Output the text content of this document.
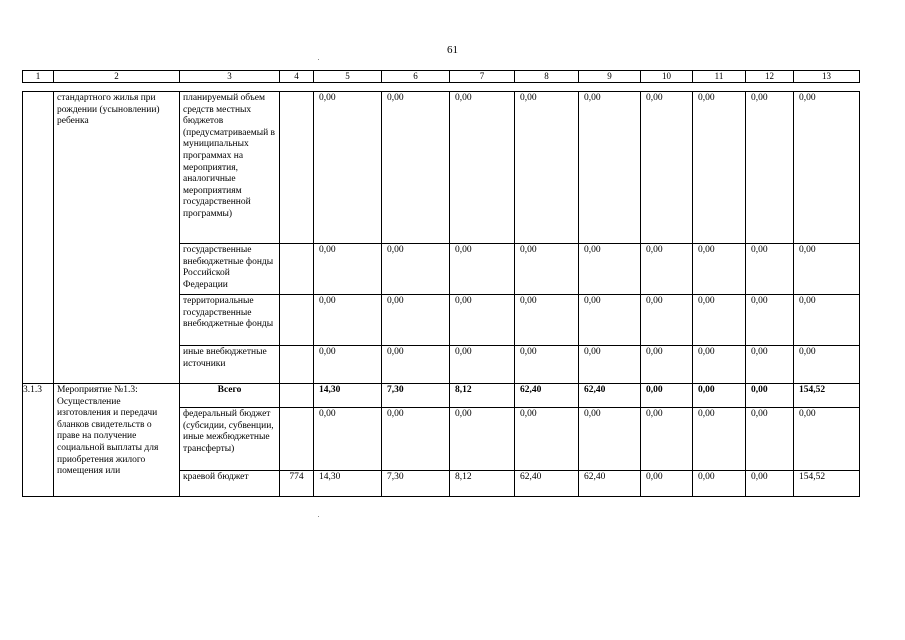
61
1	2	3	4	5	6	7	8	9	10	11	12	13
	стандартного жилья при рождении (усыновлении) ребенка	планируемый объем средств местных бюджетов (предусматриваемый в муниципальных программах на мероприятия, аналогичные мероприятиям государственной программы)		0,00	0,00	0,00	0,00	0,00	0,00	0,00	0,00	0,00
		государственные внебюджетные фонды Российской Федерации		0,00	0,00	0,00	0,00	0,00	0,00	0,00	0,00	0,00
		территориальные государственные внебюджетные фонды		0,00	0,00	0,00	0,00	0,00	0,00	0,00	0,00	0,00
		иные внебюджетные источники		0,00	0,00	0,00	0,00	0,00	0,00	0,00	0,00	0,00
3.1.3	Мероприятие №1.3: Осуществление изготовления и передачи бланков свидетельств о праве на получение социальной выплаты для приобретения жилого помещения или	Всего		14,30	7,30	8,12	62,40	62,40	0,00	0,00	0,00	154,52
		федеральный бюджет (субсидии, субвенции, иные межбюджетные трансферты)		0,00	0,00	0,00	0,00	0,00	0,00	0,00	0,00	0,00
		краевой бюджет	774	14,30	7,30	8,12	62,40	62,40	0,00	0,00	0,00	154,52
